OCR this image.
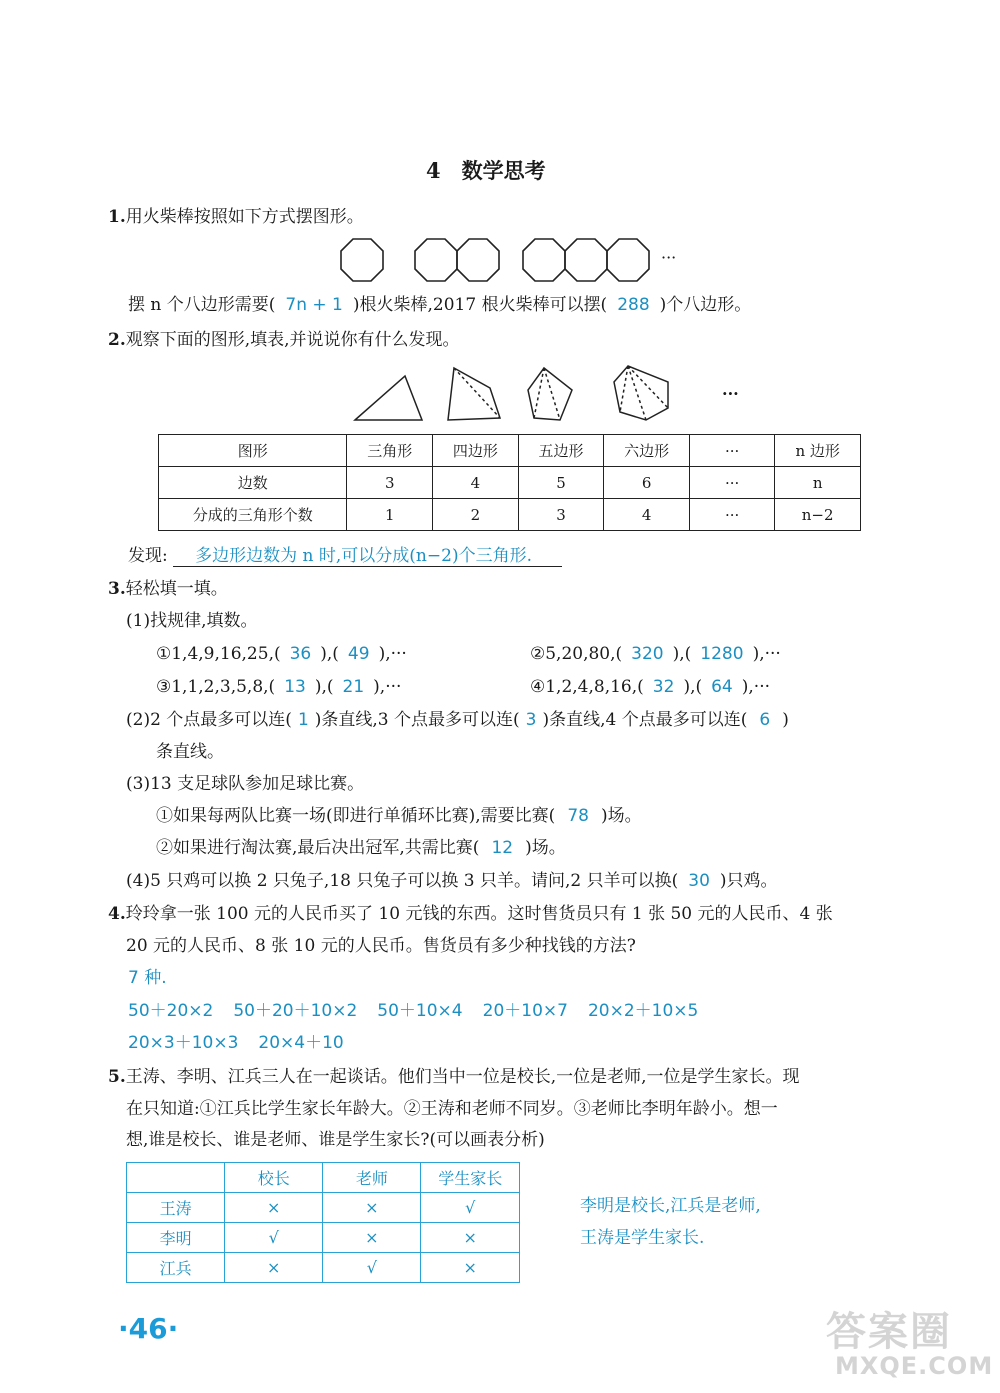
4　数学思考
1.用火柴棒按照如下方式摆图形。
···
摆 n 个八边形需要( 7n + 1 )根火柴棒,2017 根火柴棒可以摆( 288 )个八边形。
2.观察下面的图形,填表,并说说你有什么发现。
···
图形	三角形	四边形	五边形	六边形	···	n 边形
边数	3	4	5	6	···	n
分成的三角形个数	1	2	3	4	···	n−2
发现: 多边形边数为 n 时,可以分成(n−2)个三角形.
3.轻松填一填。
(1)找规律,填数。
①1,4,9,16,25,( 36 ),( 49 ),···	②5,20,80,( 320 ),( 1280 ),···
③1,1,2,3,5,8,( 13 ),( 21 ),···	④1,2,4,8,16,( 32 ),( 64 ),···
(2)2 个点最多可以连( 1 )条直线,3 个点最多可以连( 3 )条直线,4 个点最多可以连( 6 )
条直线。
(3)13 支足球队参加足球比赛。
①如果每两队比赛一场(即进行单循环比赛),需要比赛( 78 )场。
②如果进行淘汰赛,最后决出冠军,共需比赛( 12 )场。
(4)5 只鸡可以换 2 只兔子,18 只兔子可以换 3 只羊。请问,2 只羊可以换( 30 )只鸡。
4.玲玲拿一张 100 元的人民币买了 10 元钱的东西。这时售货员只有 1 张 50 元的人民币、4 张
20 元的人民币、8 张 10 元的人民币。售货员有多少种找钱的方法?
7 种.
50＋20×2 50＋20＋10×2 50＋10×4 20＋10×7 20×2＋10×5
20×3＋10×3 20×4＋10
5.王涛、李明、江兵三人在一起谈话。他们当中一位是校长,一位是老师,一位是学生家长。现
在只知道:①江兵比学生家长年龄大。②王涛和老师不同岁。③老师比李明年龄小。想一
想,谁是校长、谁是老师、谁是学生家长?(可以画表分析)
	校长	老师	学生家长
王涛	×	×	√
李明	√	×	×
江兵	×	√	×
李明是校长,江兵是老师,
王涛是学生家长.
·46·	答案圈
MXQE.COM
